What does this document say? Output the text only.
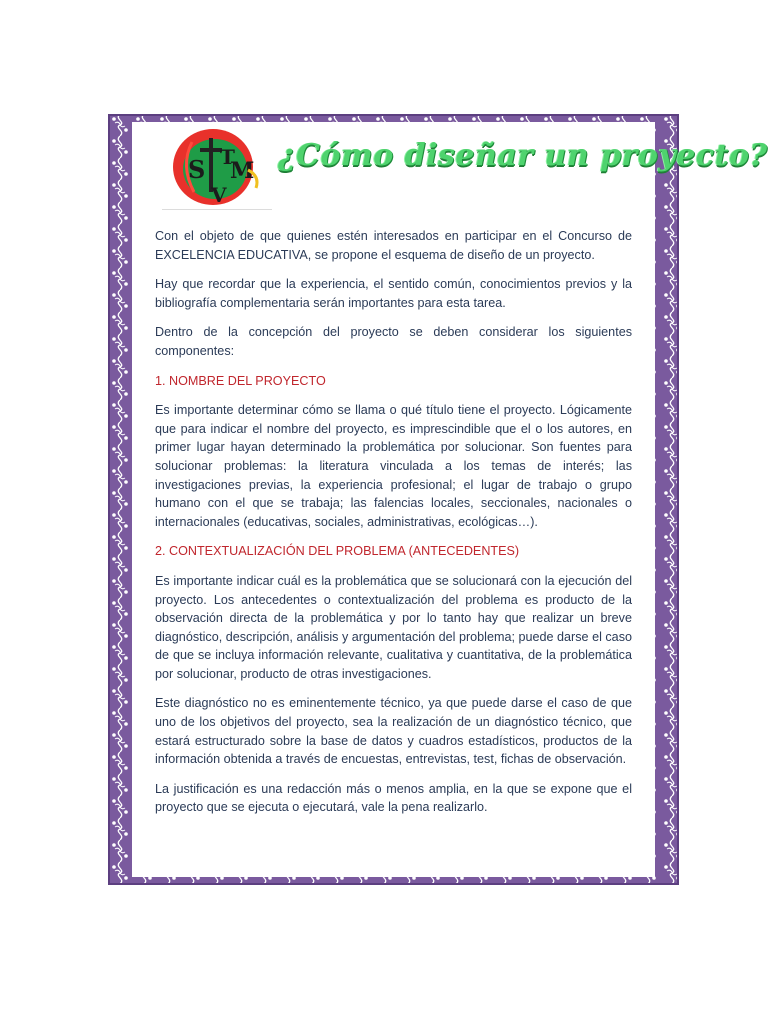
S T
M
V
¿Cómo diseñar un proyecto?

Con el objeto de que quienes estén interesados en participar en el Concurso de EXCELENCIA EDUCATIVA, se propone el esquema de diseño de un proyecto.

Hay que recordar que la experiencia, el sentido común, conocimientos previos y la bibliografía complementaria serán importantes para esta tarea.

Dentro de la concepción del proyecto se deben considerar los siguientes componentes:

1. NOMBRE DEL PROYECTO

Es importante determinar cómo se llama o qué título tiene el proyecto. Lógicamente que para indicar el nombre del proyecto, es imprescindible que el o los autores, en primer lugar hayan determinado la problemática por solucionar. Son fuentes para solucionar problemas: la literatura vinculada a los temas de interés; las investigaciones previas, la experiencia profesional; el lugar de trabajo o grupo humano con el que se trabaja; las falencias locales, seccionales, nacionales o internacionales (educativas, sociales, administrativas, ecológicas…).

2. CONTEXTUALIZACIÓN DEL PROBLEMA (ANTECEDENTES)

Es importante indicar cuál es la problemática que se solucionará con la ejecución del proyecto. Los antecedentes o contextualización del problema es producto de la observación directa de la problemática y por lo tanto hay que realizar un breve diagnóstico, descripción, análisis y argumentación del problema; puede darse el caso de que se incluya información relevante, cualitativa y cuantitativa, de la problemática por solucionar, producto de otras investigaciones.

Este diagnóstico no es eminentemente técnico, ya que puede darse el caso de que uno de los objetivos del proyecto, sea la realización de un diagnóstico técnico, que estará estructurado sobre la base de datos y cuadros estadísticos, productos de la información obtenida a través de encuestas, entrevistas, test, fichas de observación.

La justificación es una redacción más o menos amplia, en la que se expone que el proyecto que se ejecuta o ejecutará, vale la pena realizarlo.
